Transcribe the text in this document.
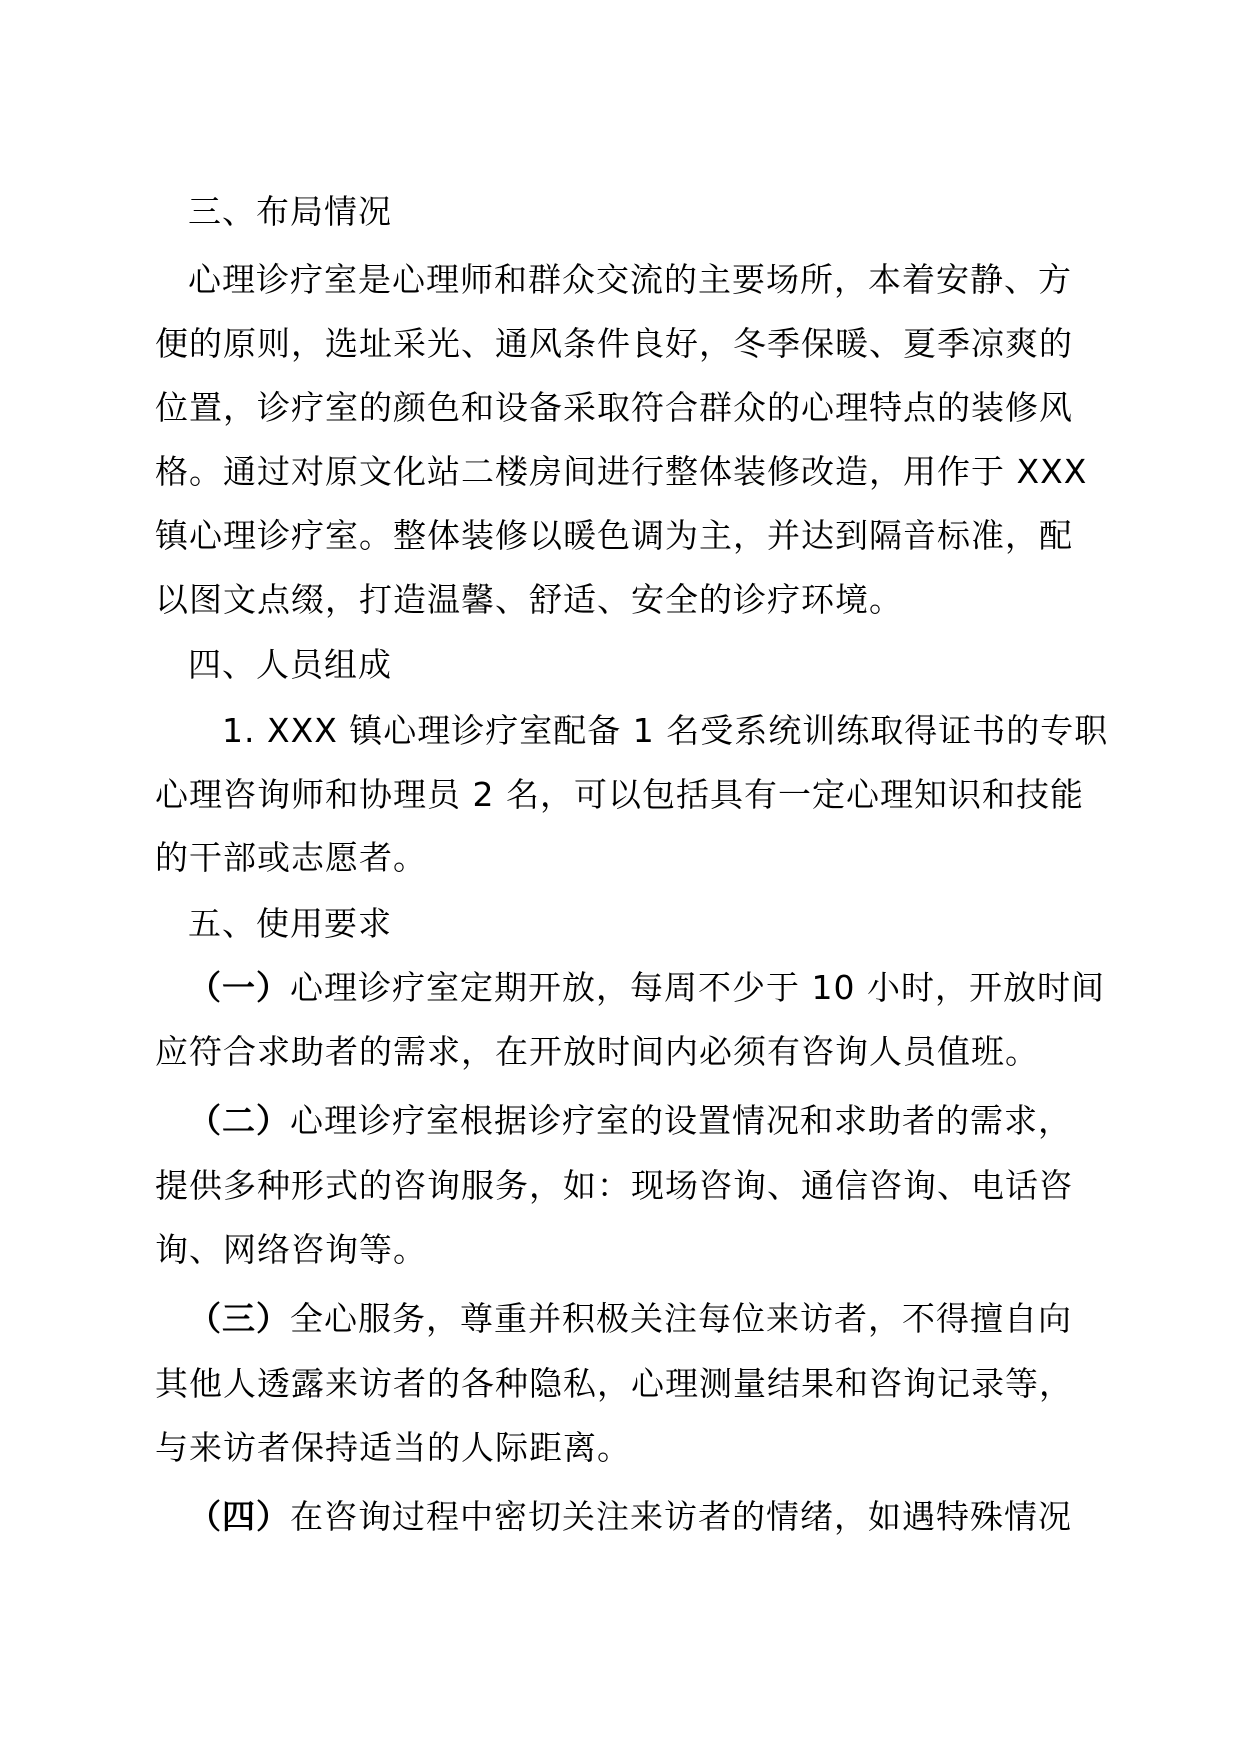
三、布局情况
心理诊疗室是心理师和群众交流的主要场所，本着安静、方
便的原则，选址采光、通风条件良好，冬季保暖、夏季凉爽的
位置，诊疗室的颜色和设备采取符合群众的心理特点的装修风
格。通过对原文化站二楼房间进行整体装修改造，用作于 XXX
镇心理诊疗室。整体装修以暖色调为主，并达到隔音标准，配
以图文点缀，打造温馨、舒适、安全的诊疗环境。
四、人员组成
1. XXX 镇心理诊疗室配备 1 名受系统训练取得证书的专职
心理咨询师和协理员 2 名，可以包括具有一定心理知识和技能
的干部或志愿者。
五、使用要求
（一）心理诊疗室定期开放，每周不少于 10 小时，开放时间
应符合求助者的需求，在开放时间内必须有咨询人员值班。
（二）心理诊疗室根据诊疗室的设置情况和求助者的需求，
提供多种形式的咨询服务，如：现场咨询、通信咨询、电话咨
询、网络咨询等。
（三）全心服务，尊重并积极关注每位来访者，不得擅自向
其他人透露来访者的各种隐私，心理测量结果和咨询记录等，
与来访者保持适当的人际距离。
（四）在咨询过程中密切关注来访者的情绪，如遇特殊情况
